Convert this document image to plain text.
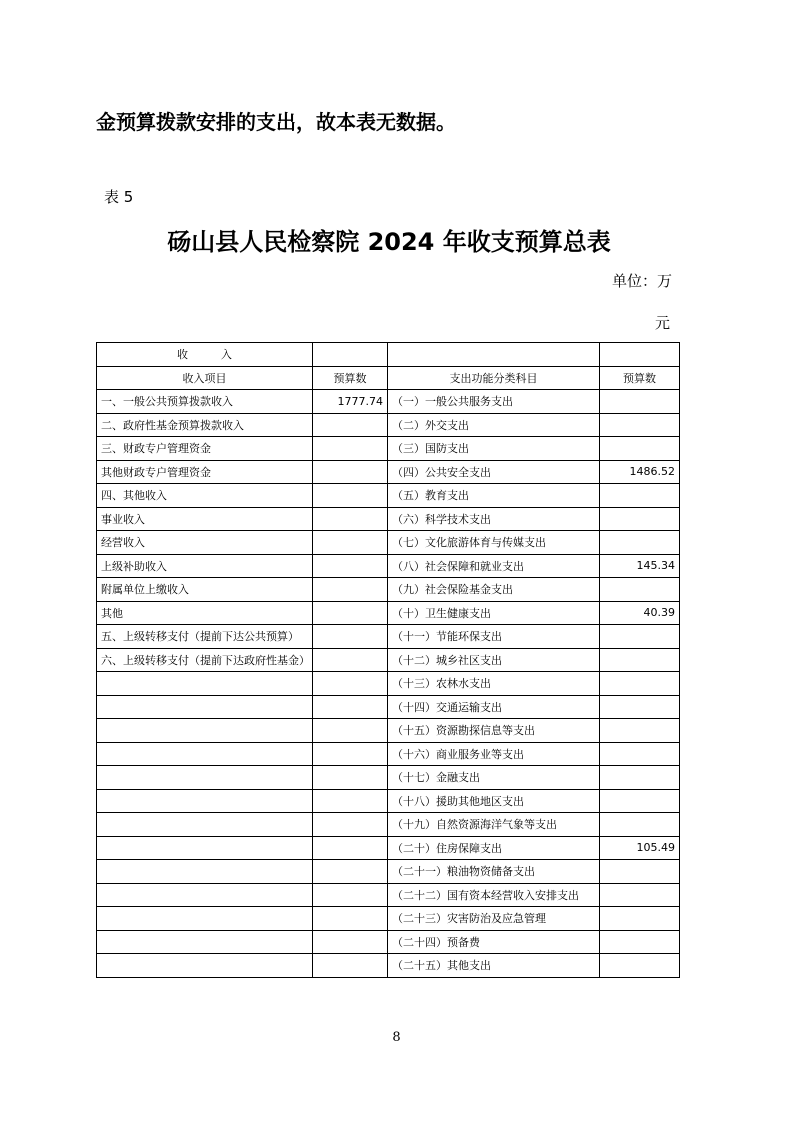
金预算拨款安排的支出，故本表无数据。
表 5
砀山县人民检察院 2024 年收支预算总表
单位：万
元
收　　　入			
收入项目	预算数	支出功能分类科目	预算数
一、一般公共预算拨款收入	1777.74	（一）一般公共服务支出	
二、政府性基金预算拨款收入		（二）外交支出	
三、财政专户管理资金		（三）国防支出	
其他财政专户管理资金		（四）公共安全支出	1486.52
四、其他收入		（五）教育支出	
事业收入		（六）科学技术支出	
经营收入		（七）文化旅游体育与传媒支出	
上级补助收入		（八）社会保障和就业支出	145.34
附属单位上缴收入		（九）社会保险基金支出	
其他		（十）卫生健康支出	40.39
五、上级转移支付（提前下达公共预算）		（十一）节能环保支出	
六、上级转移支付（提前下达政府性基金）		（十二）城乡社区支出	
		（十三）农林水支出	
		（十四）交通运输支出	
		（十五）资源勘探信息等支出	
		（十六）商业服务业等支出	
		（十七）金融支出	
		（十八）援助其他地区支出	
		（十九）自然资源海洋气象等支出	
		（二十）住房保障支出	105.49
		（二十一）粮油物资储备支出	
		（二十二）国有资本经营收入安排支出	
		（二十三）灾害防治及应急管理	
		（二十四）预备费	
		（二十五）其他支出	
8
